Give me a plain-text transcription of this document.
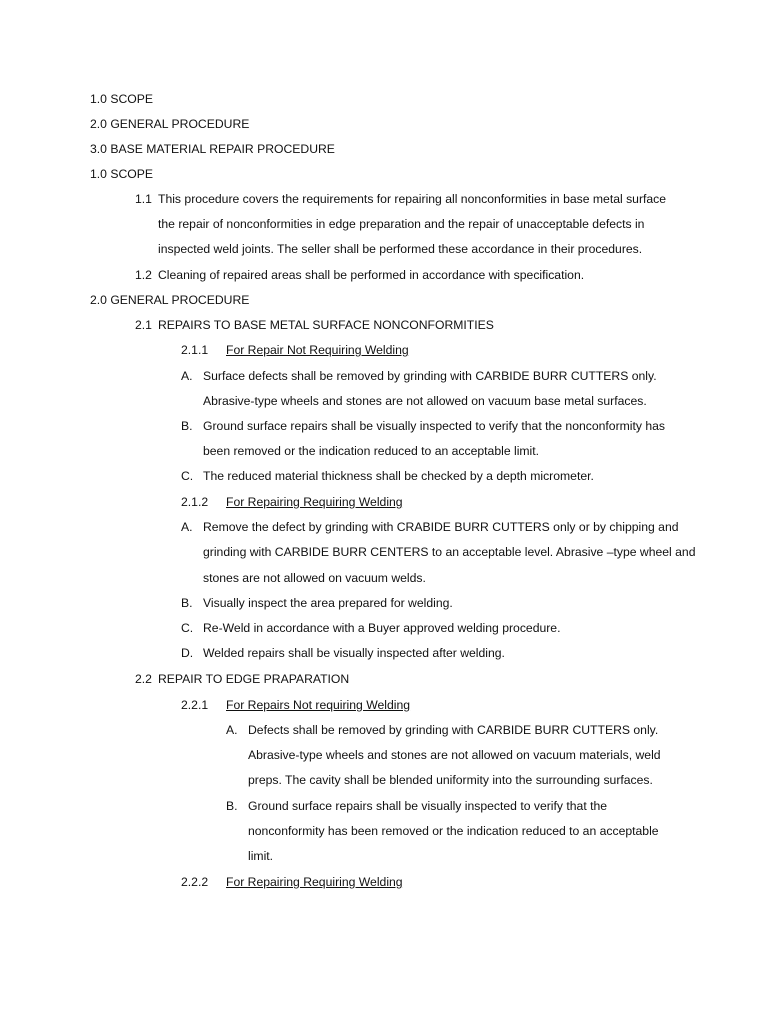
1.0 SCOPE
2.0 GENERAL PROCEDURE
3.0 BASE MATERIAL REPAIR PROCEDURE
1.0 SCOPE
1.1 This procedure covers the requirements for repairing all nonconformities in base metal surface
the repair of nonconformities in edge preparation and the repair of unacceptable defects in
inspected weld joints. The seller shall be performed these accordance in their procedures.
1.2 Cleaning of repaired areas shall be performed in accordance with specification.
2.0 GENERAL PROCEDURE
2.1 REPAIRS TO BASE METAL SURFACE NONCONFORMITIES
2.1.1 For Repair Not Requiring Welding
A. Surface defects shall be removed by grinding with CARBIDE BURR CUTTERS only.
Abrasive-type wheels and stones are not allowed on vacuum base metal surfaces.
B. Ground surface repairs shall be visually inspected to verify that the nonconformity has
been removed or the indication reduced to an acceptable limit.
C. The reduced material thickness shall be checked by a depth micrometer.
2.1.2 For Repairing Requiring Welding
A. Remove the defect by grinding with CRABIDE BURR CUTTERS only or by chipping and
grinding with CARBIDE BURR CENTERS to an acceptable level. Abrasive –type wheel and
stones are not allowed on vacuum welds.
B. Visually inspect the area prepared for welding.
C. Re-Weld in accordance with a Buyer approved welding procedure.
D. Welded repairs shall be visually inspected after welding.
2.2 REPAIR TO EDGE PRAPARATION
2.2.1 For Repairs Not requiring Welding
A. Defects shall be removed by grinding with CARBIDE BURR CUTTERS only.
Abrasive-type wheels and stones are not allowed on vacuum materials, weld
preps. The cavity shall be blended uniformity into the surrounding surfaces.
B. Ground surface repairs shall be visually inspected to verify that the
nonconformity has been removed or the indication reduced to an acceptable
limit.
2.2.2 For Repairing Requiring Welding
